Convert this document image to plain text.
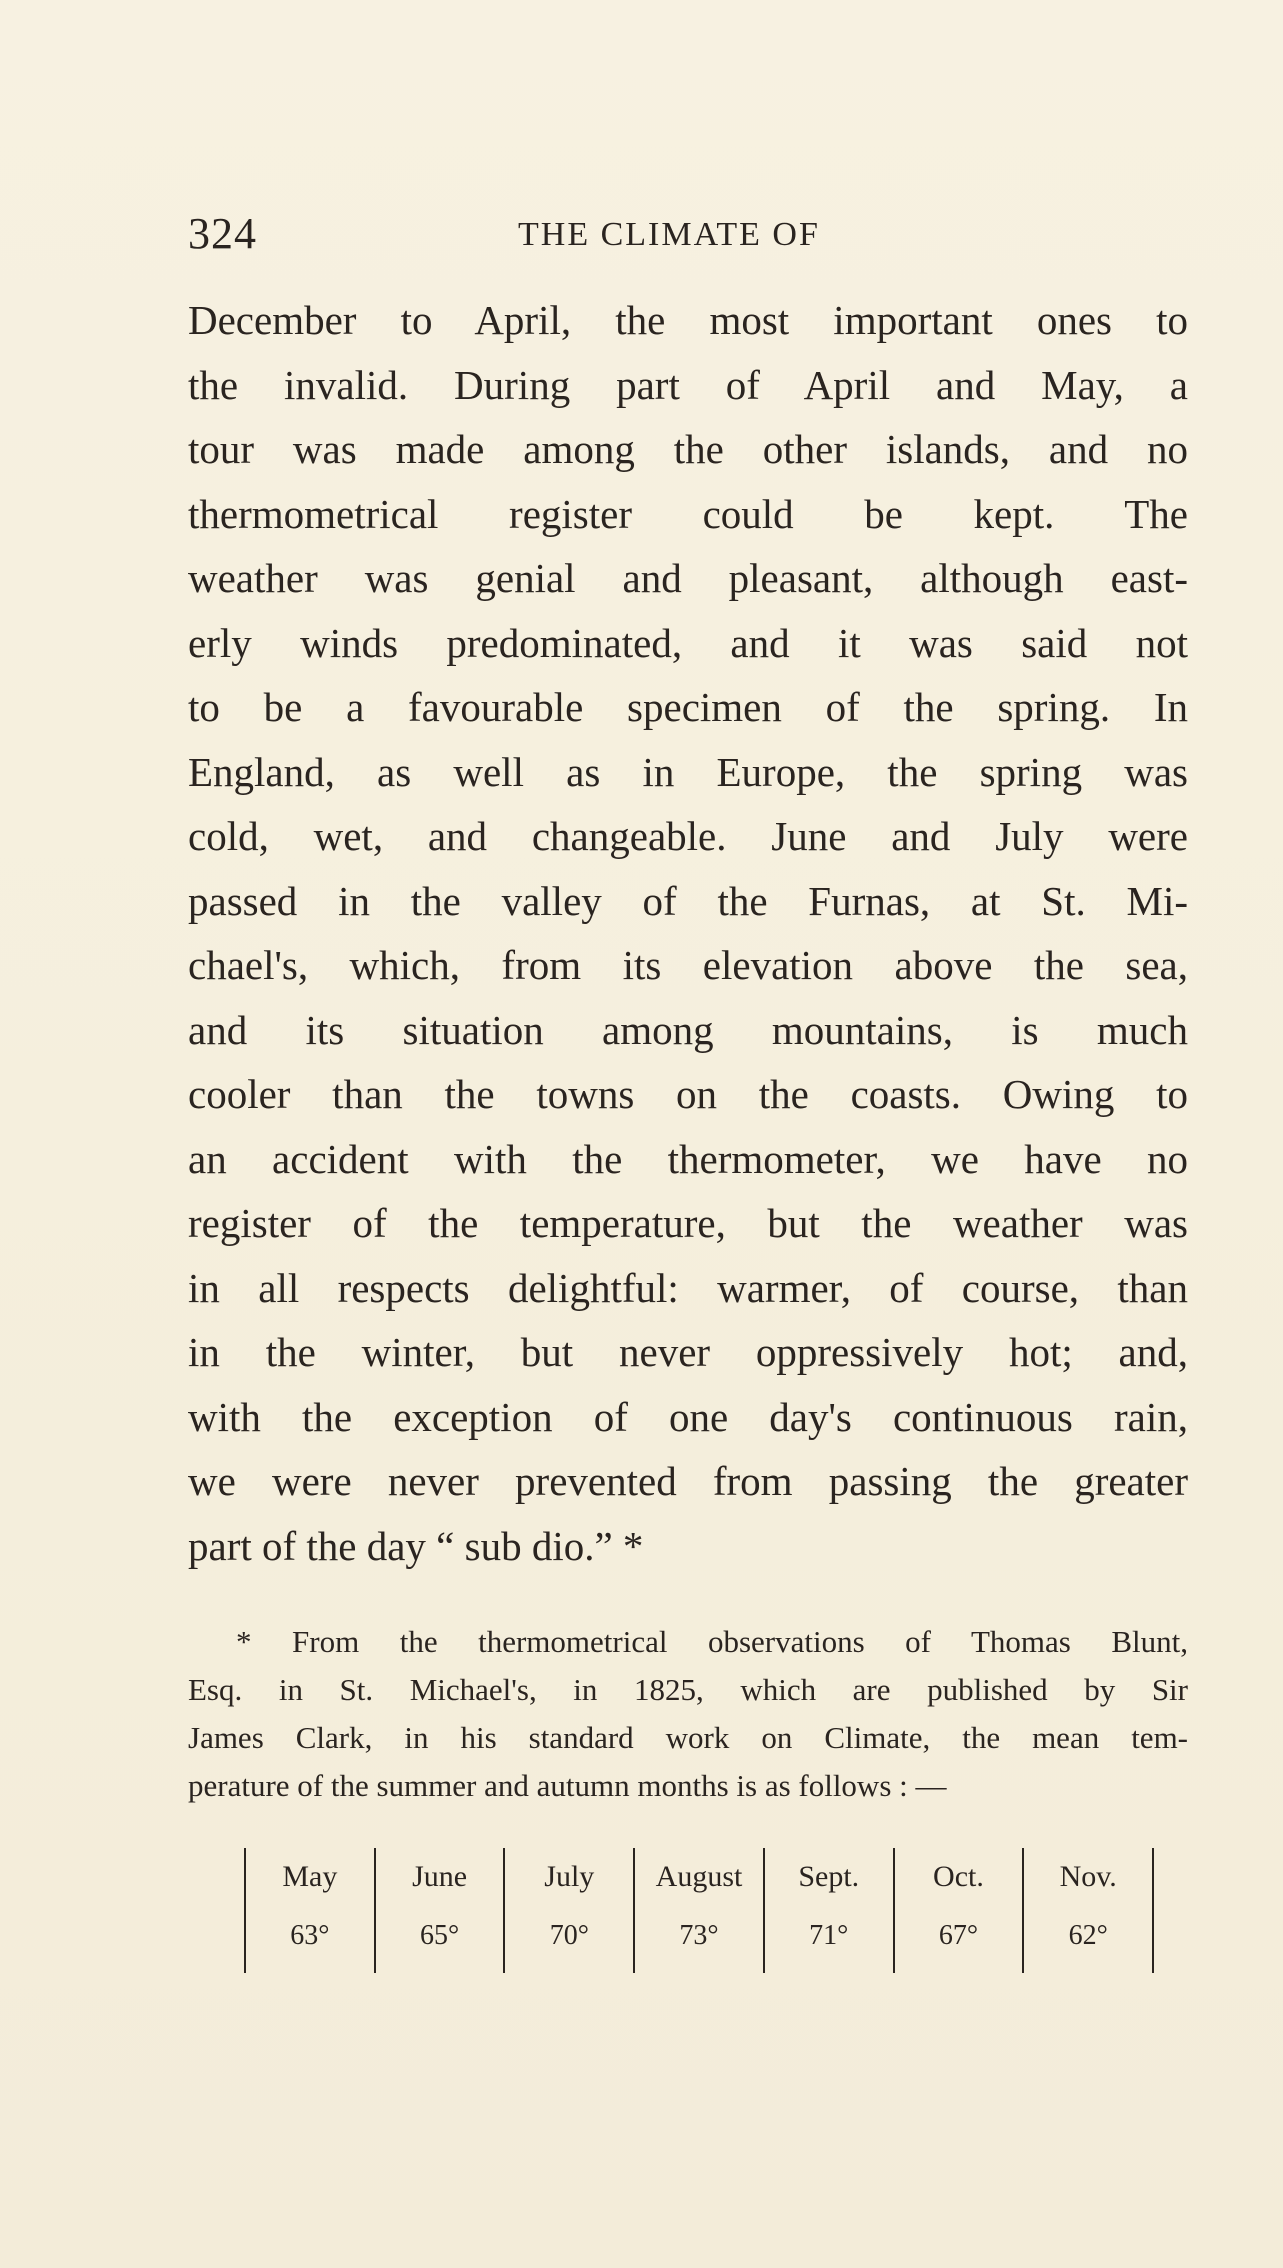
324	THE CLIMATE OF
December to April, the most important ones to
the invalid. During part of April and May, a
tour was made among the other islands, and no
thermometrical register could be kept. The
weather was genial and pleasant, although east-
erly winds predominated, and it was said not
to be a favourable specimen of the spring. In
England, as well as in Europe, the spring was
cold, wet, and changeable. June and July were
passed in the valley of the Furnas, at St. Mi-
chael's, which, from its elevation above the sea,
and its situation among mountains, is much
cooler than the towns on the coasts. Owing to
an accident with the thermometer, we have no
register of the temperature, but the weather was
in all respects delightful: warmer, of course, than
in the winter, but never oppressively hot; and,
with the exception of one day's continuous rain,
we were never prevented from passing the greater
part of the day “ sub dio.” *
* From the thermometrical observations of Thomas Blunt,
Esq. in St. Michael's, in 1825, which are published by Sir
James Clark, in his standard work on Climate, the mean tem-
perature of the summer and autumn months is as follows : —
May
63°
June
65°
July
70°
August
73°
Sept.
71°
Oct.
67°
Nov.
62°
